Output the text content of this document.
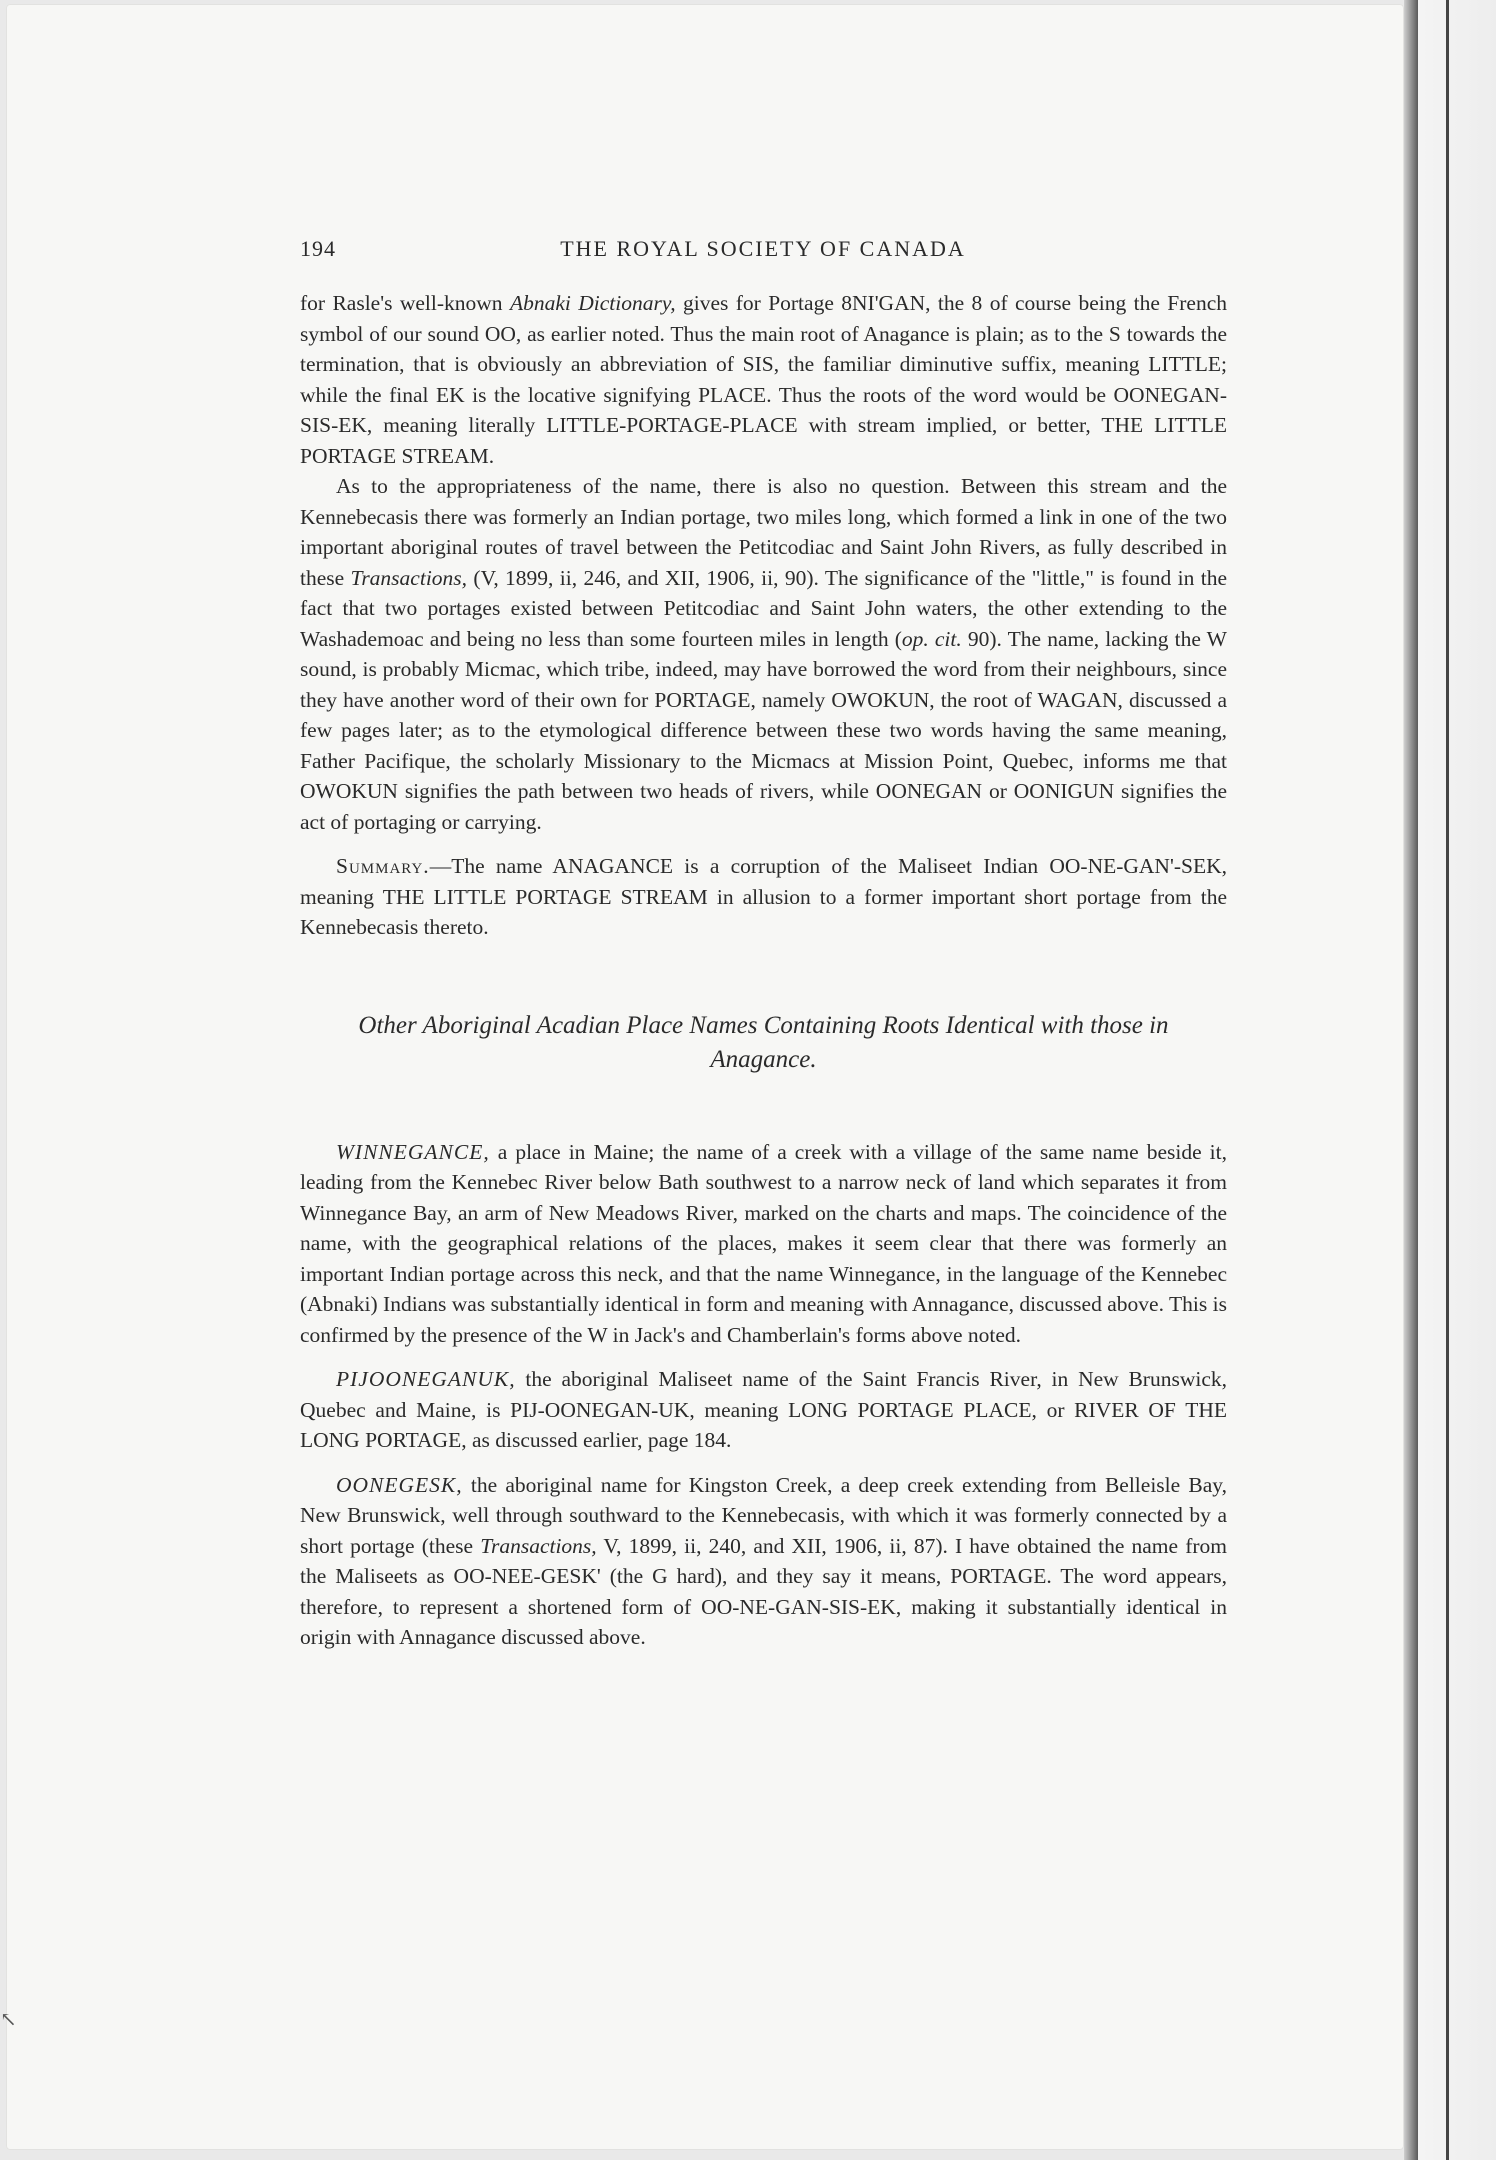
194	THE ROYAL SOCIETY OF CANADA

for Rasle's well-known Abnaki Dictionary, gives for Portage 8NI'GAN, the 8 of course being the French symbol of our sound OO, as earlier noted. Thus the main root of Anagance is plain; as to the S towards the termination, that is obviously an abbreviation of SIS, the familiar diminutive suffix, meaning LITTLE; while the final EK is the locative signifying PLACE. Thus the roots of the word would be OONEGAN-SIS-EK, meaning literally LITTLE-PORTAGE-PLACE with stream implied, or better, THE LITTLE PORTAGE STREAM.

As to the appropriateness of the name, there is also no question. Between this stream and the Kennebecasis there was formerly an Indian portage, two miles long, which formed a link in one of the two important aboriginal routes of travel between the Petitcodiac and Saint John Rivers, as fully described in these Transactions, (V, 1899, ii, 246, and XII, 1906, ii, 90). The significance of the "little," is found in the fact that two portages existed between Petitcodiac and Saint John waters, the other extending to the Washademoac and being no less than some fourteen miles in length (op. cit. 90). The name, lacking the W sound, is probably Micmac, which tribe, indeed, may have borrowed the word from their neighbours, since they have another word of their own for PORTAGE, namely OWOKUN, the root of WAGAN, discussed a few pages later; as to the etymological difference between these two words having the same meaning, Father Pacifique, the scholarly Missionary to the Micmacs at Mission Point, Quebec, informs me that OWOKUN signifies the path between two heads of rivers, while OONEGAN or OONIGUN signifies the act of portaging or carrying.

Summary.—The name ANAGANCE is a corruption of the Maliseet Indian OO-NE-GAN'-SEK, meaning THE LITTLE PORTAGE STREAM in allusion to a former important short portage from the Kennebecasis thereto.

Other Aboriginal Acadian Place Names Containing Roots Identical with those in Anagance.

WINNEGANCE, a place in Maine; the name of a creek with a village of the same name beside it, leading from the Kennebec River below Bath southwest to a narrow neck of land which separates it from Winnegance Bay, an arm of New Meadows River, marked on the charts and maps. The coincidence of the name, with the geographical relations of the places, makes it seem clear that there was formerly an important Indian portage across this neck, and that the name Winnegance, in the language of the Kennebec (Abnaki) Indians was substantially identical in form and meaning with Annagance, discussed above. This is confirmed by the presence of the W in Jack's and Chamberlain's forms above noted.

PIJOONEGANUK, the aboriginal Maliseet name of the Saint Francis River, in New Brunswick, Quebec and Maine, is PIJ-OONEGAN-UK, meaning LONG PORTAGE PLACE, or RIVER OF THE LONG PORTAGE, as discussed earlier, page 184.

OONEGESK, the aboriginal name for Kingston Creek, a deep creek extending from Belleisle Bay, New Brunswick, well through southward to the Kennebecasis, with which it was formerly connected by a short portage (these Transactions, V, 1899, ii, 240, and XII, 1906, ii, 87). I have obtained the name from the Maliseets as OO-NEE-GESK' (the G hard), and they say it means, PORTAGE. The word appears, therefore, to represent a shortened form of OO-NE-GAN-SIS-EK, making it substantially identical in origin with Annagance discussed above.

↖
